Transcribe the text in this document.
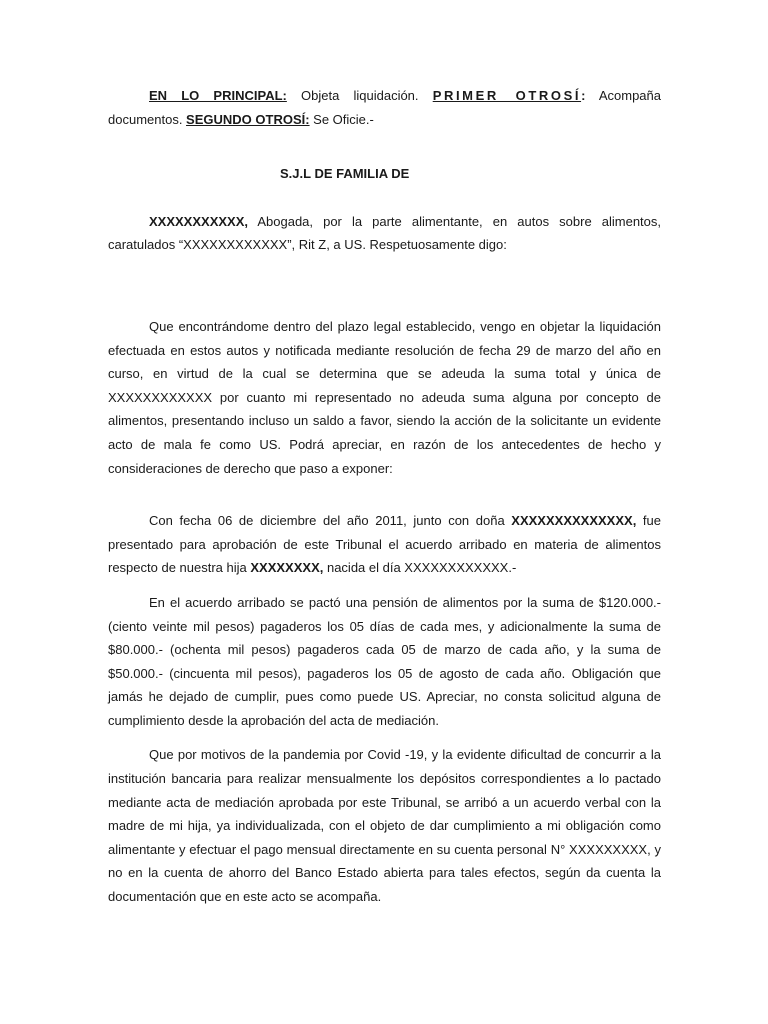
EN LO PRINCIPAL: Objeta liquidación. PRIMER OTROSÍ: Acompaña documentos. SEGUNDO OTROSÍ: Se Oficie.-

S.J.L DE FAMILIA DE

XXXXXXXXXXX, Abogada, por la parte alimentante, en autos sobre alimentos, caratulados “XXXXXXXXXXXX”, Rit Z, a US. Respetuosamente digo:

Que encontrándome dentro del plazo legal establecido, vengo en objetar la liquidación efectuada en estos autos y notificada mediante resolución de fecha 29 de marzo del año en curso, en virtud de la cual se determina que se adeuda la suma total y única de XXXXXXXXXXXX por cuanto mi representado no adeuda suma alguna por concepto de alimentos, presentando incluso un saldo a favor, siendo la acción de la solicitante un evidente acto de mala fe como US. Podrá apreciar, en razón de los antecedentes de hecho y consideraciones de derecho que paso a exponer:

Con fecha 06 de diciembre del año 2011, junto con doña XXXXXXXXXXXXXX, fue presentado para aprobación de este Tribunal el acuerdo arribado en materia de alimentos respecto de nuestra hija XXXXXXXX, nacida el día XXXXXXXXXXXX.-

En el acuerdo arribado se pactó una pensión de alimentos por la suma de $120.000.- (ciento veinte mil pesos) pagaderos los 05 días de cada mes, y adicionalmente la suma de $80.000.- (ochenta mil pesos) pagaderos cada 05 de marzo de cada año, y la suma de $50.000.- (cincuenta mil pesos), pagaderos los 05 de agosto de cada año. Obligación que jamás he dejado de cumplir, pues como puede US. Apreciar, no consta solicitud alguna de cumplimiento desde la aprobación del acta de mediación.

Que por motivos de la pandemia por Covid -19, y la evidente dificultad de concurrir a la institución bancaria para realizar mensualmente los depósitos correspondientes a lo pactado mediante acta de mediación aprobada por este Tribunal, se arribó a un acuerdo verbal con la madre de mi hija, ya individualizada, con el objeto de dar cumplimiento a mi obligación como alimentante y efectuar el pago mensual directamente en su cuenta personal N° XXXXXXXXX, y no en la cuenta de ahorro del Banco Estado abierta para tales efectos, según da cuenta la documentación que en este acto se acompaña.
